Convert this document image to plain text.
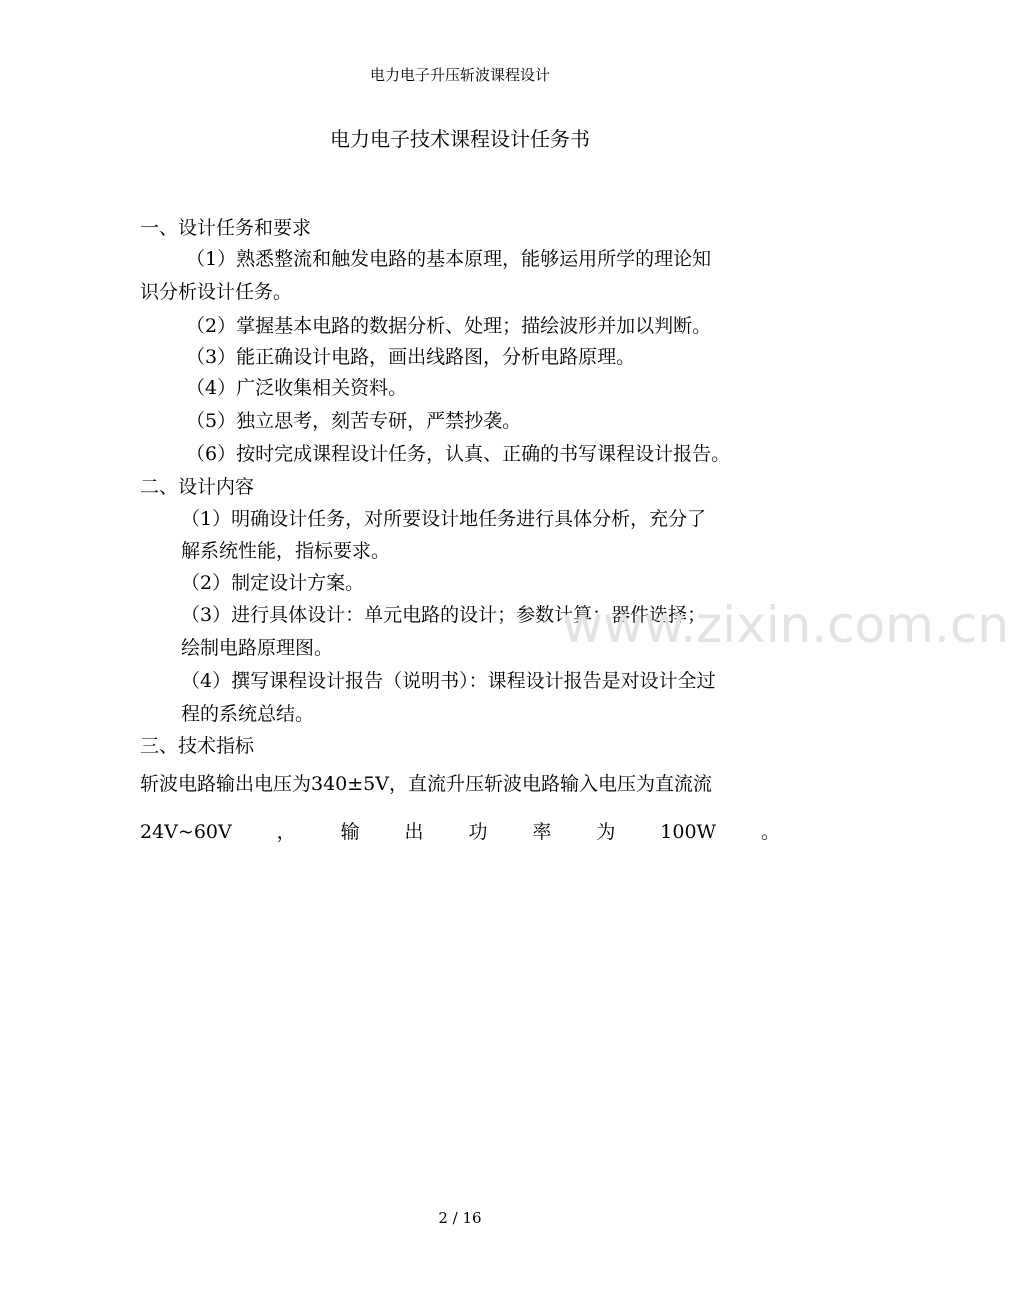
电力电子升压斩波课程设计
电力电子技术课程设计任务书
一、设计任务和要求
（1）熟悉整流和触发电路的基本原理，能够运用所学的理论知
识分析设计任务。
（2）掌握基本电路的数据分析、处理；描绘波形并加以判断。
（3）能正确设计电路，画出线路图，分析电路原理。
（4）广泛收集相关资料。
（5）独立思考，刻苦专研，严禁抄袭。
（6）按时完成课程设计任务，认真、正确的书写课程设计报告。
二、设计内容
（1）明确设计任务，对所要设计地任务进行具体分析，充分了
解系统性能，指标要求。
（2）制定设计方案。
（3）进行具体设计：单元电路的设计；参数计算；器件选择；
绘制电路原理图。
（4）撰写课程设计报告（说明书）：课程设计报告是对设计全过
程的系统总结。
三、技术指标
斩波电路输出电压为340±5V，直流升压斩波电路输入电压为直流流
24V~60V ， 输 出 功 率 为 100W 。
www.zixin.com.cn
2 / 16
